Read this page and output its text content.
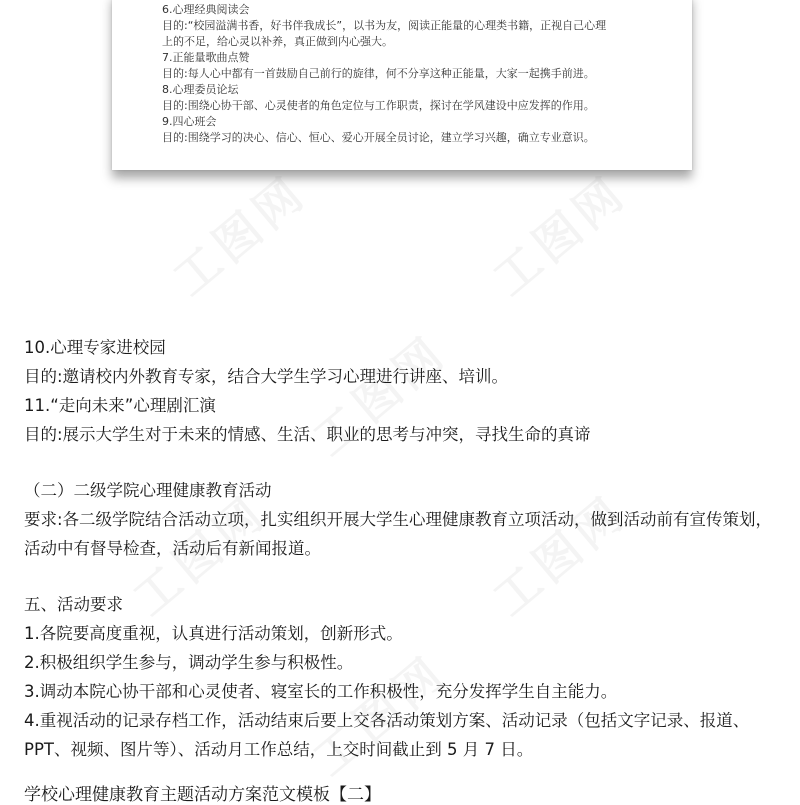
6.心理经典阅读会
目的:“校园溢满书香，好书伴我成长”，以书为友，阅读正能量的心理类书籍，正视自己心理
上的不足，给心灵以补养，真正做到内心强大。
7.正能量歌曲点赞
目的:每人心中都有一首鼓励自己前行的旋律，何不分享这种正能量，大家一起携手前进。
8.心理委员论坛
目的:围绕心协干部、心灵使者的角色定位与工作职责，探讨在学风建设中应发挥的作用。
9.四心班会
目的:围绕学习的决心、信心、恒心、爱心开展全员讨论，建立学习兴趣，确立专业意识。
10.心理专家进校园
目的:邀请校内外教育专家，结合大学生学习心理进行讲座、培训。
11.“走向未来”心理剧汇演
目的:展示大学生对于未来的情感、生活、职业的思考与冲突，寻找生命的真谛
（二）二级学院心理健康教育活动
要求:各二级学院结合活动立项，扎实组织开展大学生心理健康教育立项活动，做到活动前有宣传策划，活动中有督导检查，活动后有新闻报道。
五、活动要求
1.各院要高度重视，认真进行活动策划，创新形式。
2.积极组织学生参与，调动学生参与积极性。
3.调动本院心协干部和心灵使者、寝室长的工作积极性，充分发挥学生自主能力。
4.重视活动的记录存档工作，活动结束后要上交各活动策划方案、活动记录（包括文字记录、报道、PPT、视频、图片等）、活动月工作总结，上交时间截止到 5 月 7 日。
学校心理健康教育主题活动方案范文模板【二】
